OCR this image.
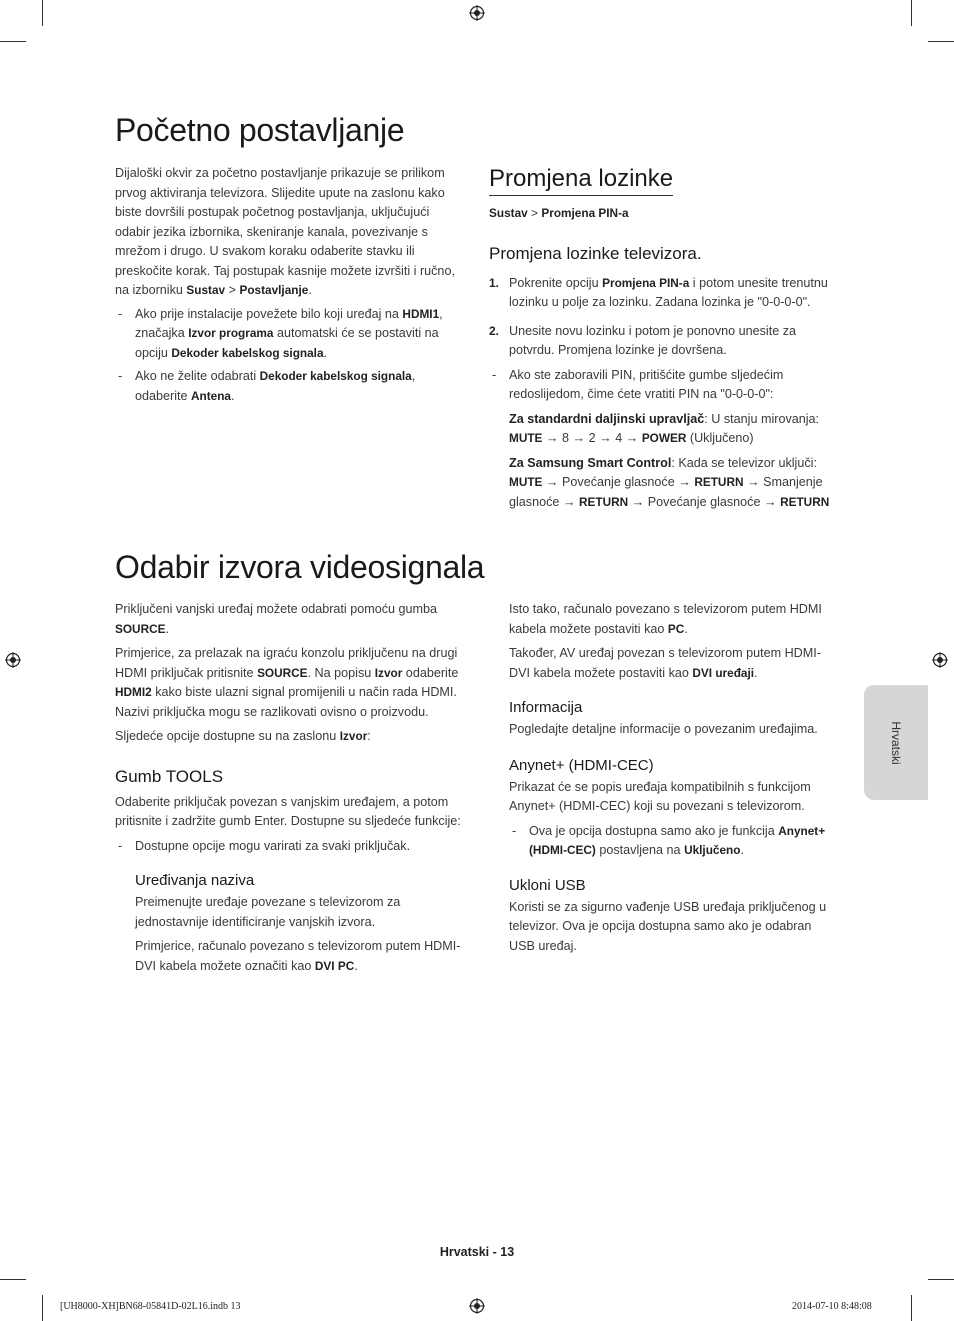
Početno postavljanje

Dijaloški okvir za početno postavljanje prikazuje se prilikom prvog aktiviranja televizora. Slijedite upute na zaslonu kako biste dovršili postupak početnog postavljanja, uključujući odabir jezika izbornika, skeniranje kanala, povezivanje s mrežom i drugo. U svakom koraku odaberite stavku ili preskočite korak. Taj postupak kasnije možete izvršiti i ručno, na izborniku Sustav > Postavljanje.

- Ako prije instalacije povežete bilo koji uređaj na HDMI1, značajka Izvor programa automatski će se postaviti na opciju Dekoder kabelskog signala.

- Ako ne želite odabrati Dekoder kabelskog signala, odaberite Antena.

Promjena lozinke

Sustav > Promjena PIN-a

Promjena lozinke televizora.

1. Pokrenite opciju Promjena PIN-a i potom unesite trenutnu lozinku u polje za lozinku. Zadana lozinka je "0-0-0-0".

2. Unesite novu lozinku i potom je ponovno unesite za potvrdu. Promjena lozinke je dovršena.

- Ako ste zaboravili PIN, pritišćite gumbe sljedećim redoslijedom, čime ćete vratiti PIN na "0-0-0-0":

Za standardni daljinski upravljač: U stanju mirovanja: MUTE → 8 → 2 → 4 → POWER (Uključeno)

Za Samsung Smart Control: Kada se televizor uključi: MUTE → Povećanje glasnoće → RETURN → Smanjenje glasnoće → RETURN → Povećanje glasnoće → RETURN

Odabir izvora videosignala

Priključeni vanjski uređaj možete odabrati pomoću gumba SOURCE.

Primjerice, za prelazak na igraću konzolu priključenu na drugi HDMI priključak pritisnite SOURCE. Na popisu Izvor odaberite HDMI2 kako biste ulazni signal promijenili u način rada HDMI. Nazivi priključka mogu se razlikovati ovisno o proizvodu.

Sljedeće opcije dostupne su na zaslonu Izvor:

Gumb TOOLS

Odaberite priključak povezan s vanjskim uređajem, a potom pritisnite i zadržite gumb Enter. Dostupne su sljedeće funkcije:

- Dostupne opcije mogu varirati za svaki priključak.

Uređivanja naziva

Preimenujte uređaje povezane s televizorom za jednostavnije identificiranje vanjskih izvora.

Primjerice, računalo povezano s televizorom putem HDMI-DVI kabela možete označiti kao DVI PC.

Isto tako, računalo povezano s televizorom putem HDMI kabela možete postaviti kao PC.

Također, AV uređaj povezan s televizorom putem HDMI-DVI kabela možete postaviti kao DVI uređaji.

Informacija

Pogledajte detaljne informacije o povezanim uređajima.

Anynet+ (HDMI-CEC)

Prikazat će se popis uređaja kompatibilnih s funkcijom Anynet+ (HDMI-CEC) koji su povezani s televizorom.

- Ova je opcija dostupna samo ako je funkcija Anynet+ (HDMI-CEC) postavljena na Uključeno.

Ukloni USB

Koristi se za sigurno vađenje USB uređaja priključenog u televizor. Ova je opcija dostupna samo ako je odabran USB uređaj.

Hrvatski
Hrvatski - 13
[UH8000-XH]BN68-05841D-02L16.indb 13	2014-07-10 8:48:08
